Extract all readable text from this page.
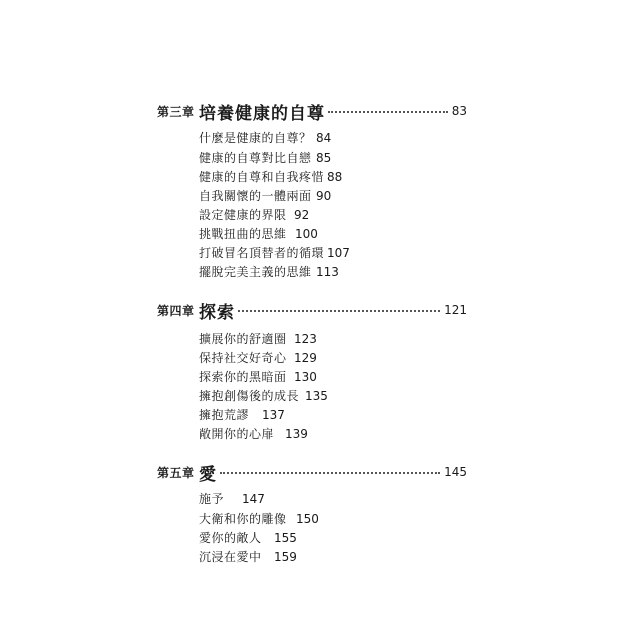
第三章 培養健康的自尊	83
什麼是健康的自尊？ 84
健康的自尊對比自戀 85
健康的自尊和自我疼惜 88
自我關懷的一體兩面 90
設定健康的界限 92
挑戰扭曲的思維 100
打破冒名頂替者的循環 107
擺脫完美主義的思維 113
第四章 探索	121
擴展你的舒適圈 123
保持社交好奇心 129
探索你的黑暗面 130
擁抱創傷後的成長 135
擁抱荒謬 137
敞開你的心扉 139
第五章 愛	145
施予 147
大衛和你的雕像 150
愛你的敵人 155
沉浸在愛中 159
